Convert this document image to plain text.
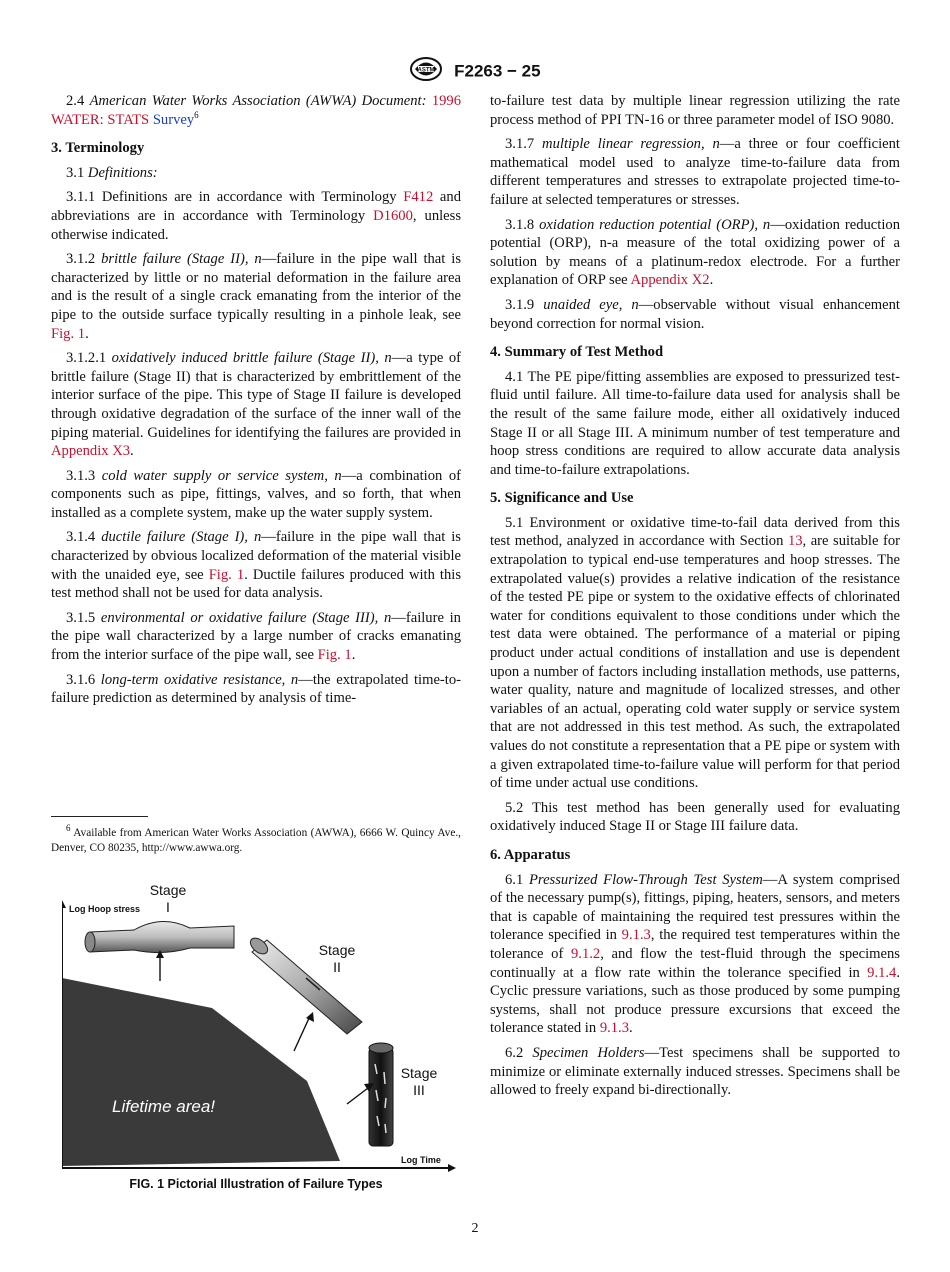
ASTM F2263 − 25

2.4 American Water Works Association (AWWA) Document: 1996 WATER: STATS Survey$^6$

3. Terminology

3.1 Definitions:

3.1.1 Definitions are in accordance with Terminology F412 and abbreviations are in accordance with Terminology D1600, unless otherwise indicated.

3.1.2 brittle failure (Stage II), n—failure in the pipe wall that is characterized by little or no material deformation in the failure area and is the result of a single crack emanating from the interior of the pipe to the outside surface typically resulting in a pinhole leak, see Fig. 1.

3.1.2.1 oxidatively induced brittle failure (Stage II), n—a type of brittle failure (Stage II) that is characterized by embrittlement of the interior surface of the pipe. This type of Stage II failure is developed through oxidative degradation of the surface of the inner wall of the piping material. Guidelines for identifying the failures are provided in Appendix X3.

3.1.3 cold water supply or service system, n—a combination of components such as pipe, fittings, valves, and so forth, that when installed as a complete system, make up the water supply system.

3.1.4 ductile failure (Stage I), n—failure in the pipe wall that is characterized by obvious localized deformation of the material visible with the unaided eye, see Fig. 1. Ductile failures produced with this test method shall not be used for data analysis.

3.1.5 environmental or oxidative failure (Stage III), n—failure in the pipe wall characterized by a large number of cracks emanating from the interior surface of the pipe wall, see Fig. 1.

3.1.6 long-term oxidative resistance, n—the extrapolated time-to-failure prediction as determined by analysis of time-

$^6$ Available from American Water Works Association (AWWA), 6666 W. Quincy Ave., Denver, CO 80235, http://www.awwa.org.
Log Hoop stress
Log Time
Stage
I
Stage
II
Stage
III
Lifetime area!
FIG. 1 Pictorial Illustration of Failure Types

to-failure test data by multiple linear regression utilizing the rate process method of PPI TN-16 or three parameter model of ISO 9080.

3.1.7 multiple linear regression, n—a three or four coefficient mathematical model used to analyze time-to-failure data from different temperatures and stresses to extrapolate projected time-to-failure at selected temperatures or stresses.

3.1.8 oxidation reduction potential (ORP), n—oxidation reduction potential (ORP), n-a measure of the total oxidizing power of a solution by means of a platinum-redox electrode. For a further explanation of ORP see Appendix X2.

3.1.9 unaided eye, n—observable without visual enhancement beyond correction for normal vision.

4. Summary of Test Method

4.1 The PE pipe/fitting assemblies are exposed to pressurized test-fluid until failure. All time-to-failure data used for analysis shall be the result of the same failure mode, either all oxidatively induced Stage II or all Stage III. A minimum number of test temperature and hoop stress conditions are required to allow accurate data analysis and time-to-failure extrapolations.

5. Significance and Use

5.1 Environment or oxidative time-to-fail data derived from this test method, analyzed in accordance with Section 13, are suitable for extrapolation to typical end-use temperatures and hoop stresses. The extrapolated value(s) provides a relative indication of the resistance of the tested PE pipe or system to the oxidative effects of chlorinated water for conditions equivalent to those conditions under which the test data were obtained. The performance of a material or piping product under actual conditions of installation and use is dependent upon a number of factors including installation methods, use patterns, water quality, nature and magnitude of localized stresses, and other variables of an actual, operating cold water supply or service system that are not addressed in this test method. As such, the extrapolated values do not constitute a representation that a PE pipe or system with a given extrapolated time-to-failure value will perform for that period of time under actual use conditions.

5.2 This test method has been generally used for evaluating oxidatively induced Stage II or Stage III failure data.

6. Apparatus

6.1 Pressurized Flow-Through Test System—A system comprised of the necessary pump(s), fittings, piping, heaters, sensors, and meters that is capable of maintaining the required test pressures within the tolerance specified in 9.1.3, the required test temperatures within the tolerance of 9.1.2, and flow the test-fluid through the specimens continually at a flow rate within the tolerance specified in 9.1.4. Cyclic pressure variations, such as those produced by some pumping systems, shall not produce pressure excursions that exceed the tolerance stated in 9.1.3.

6.2 Specimen Holders—Test specimens shall be supported to minimize or eliminate externally induced stresses. Specimens shall be allowed to freely expand bi-directionally.

2
